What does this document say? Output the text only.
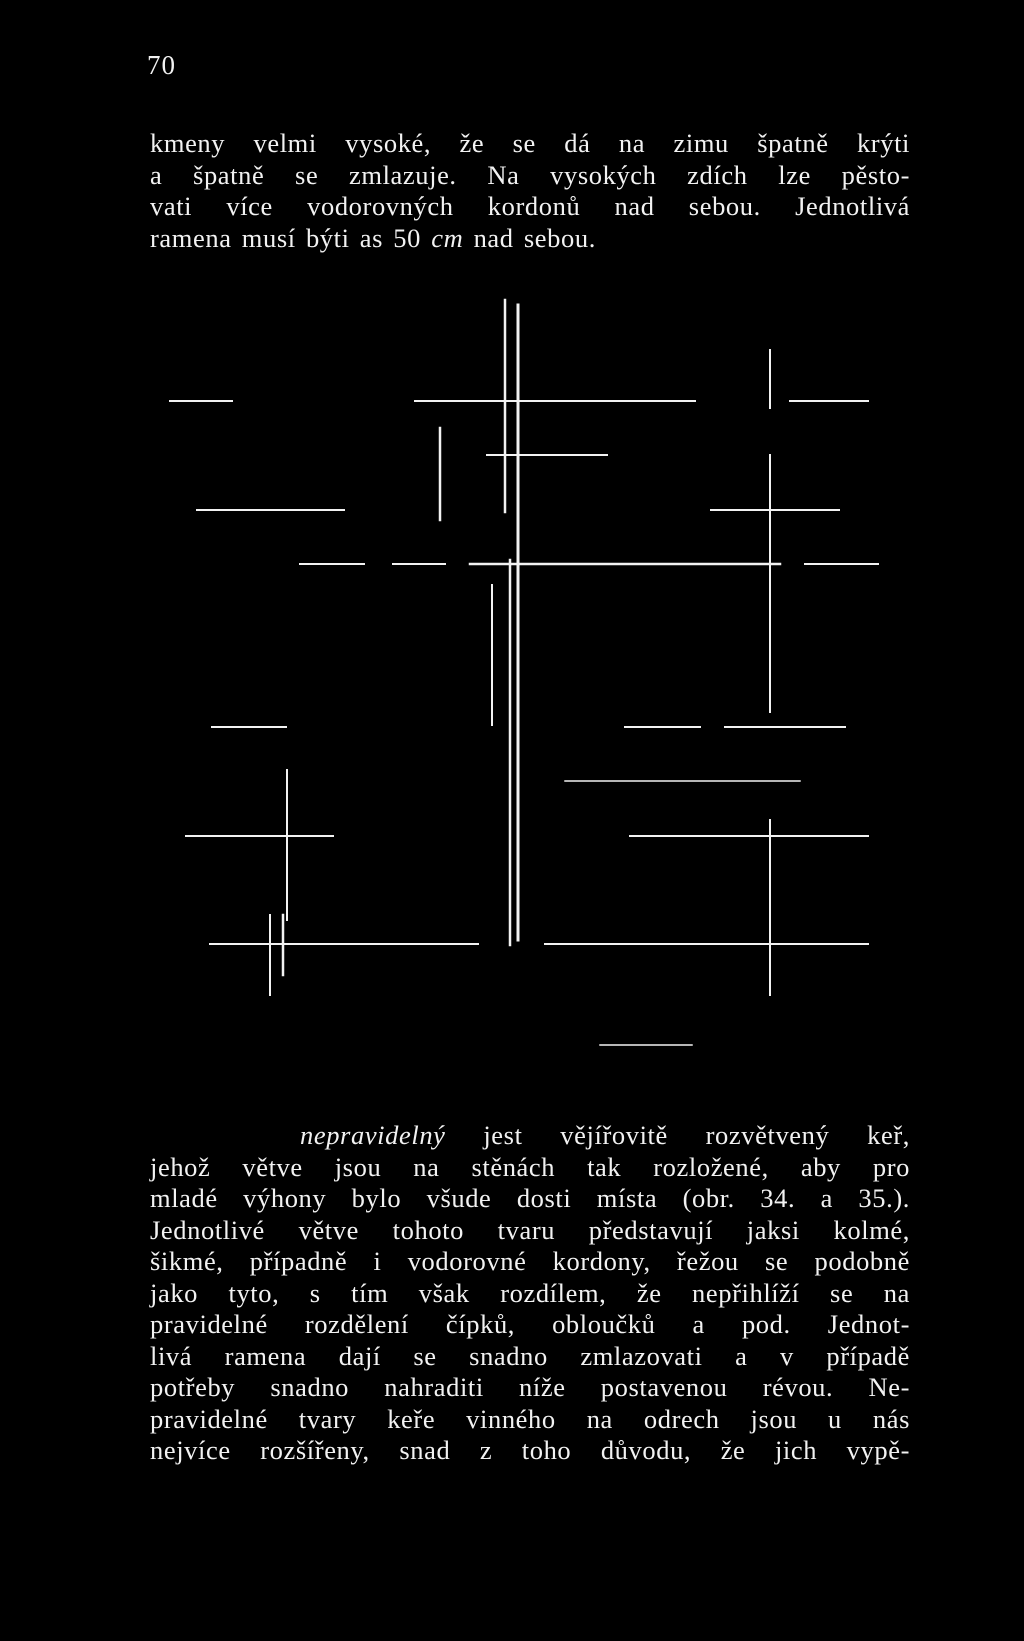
70
kmeny velmi vysoké, že se dá na zimu špatně krýti
a špatně se zmlazuje. Na vysokých zdích lze pěsto-
vati více vodorovných kordonů nad sebou. Jednotlivá
ramena musí býti as 50 cm nad sebou.
nepravidelný jest vějířovitě rozvětvený keř,
jehož větve jsou na stěnách tak rozložené, aby pro
mladé výhony bylo všude dosti místa (obr. 34. a 35.).
Jednotlivé větve tohoto tvaru představují jaksi kolmé,
šikmé, případně i vodorovné kordony, řežou se podobně
jako tyto, s tím však rozdílem, že nepřihlíží se na
pravidelné rozdělení čípků, obloučků a pod. Jednot-
livá ramena dají se snadno zmlazovati a v případě
potřeby snadno nahraditi níže postavenou révou. Ne-
pravidelné tvary keře vinného na odrech jsou u nás
nejvíce rozšířeny, snad z toho důvodu, že jich vypě-
